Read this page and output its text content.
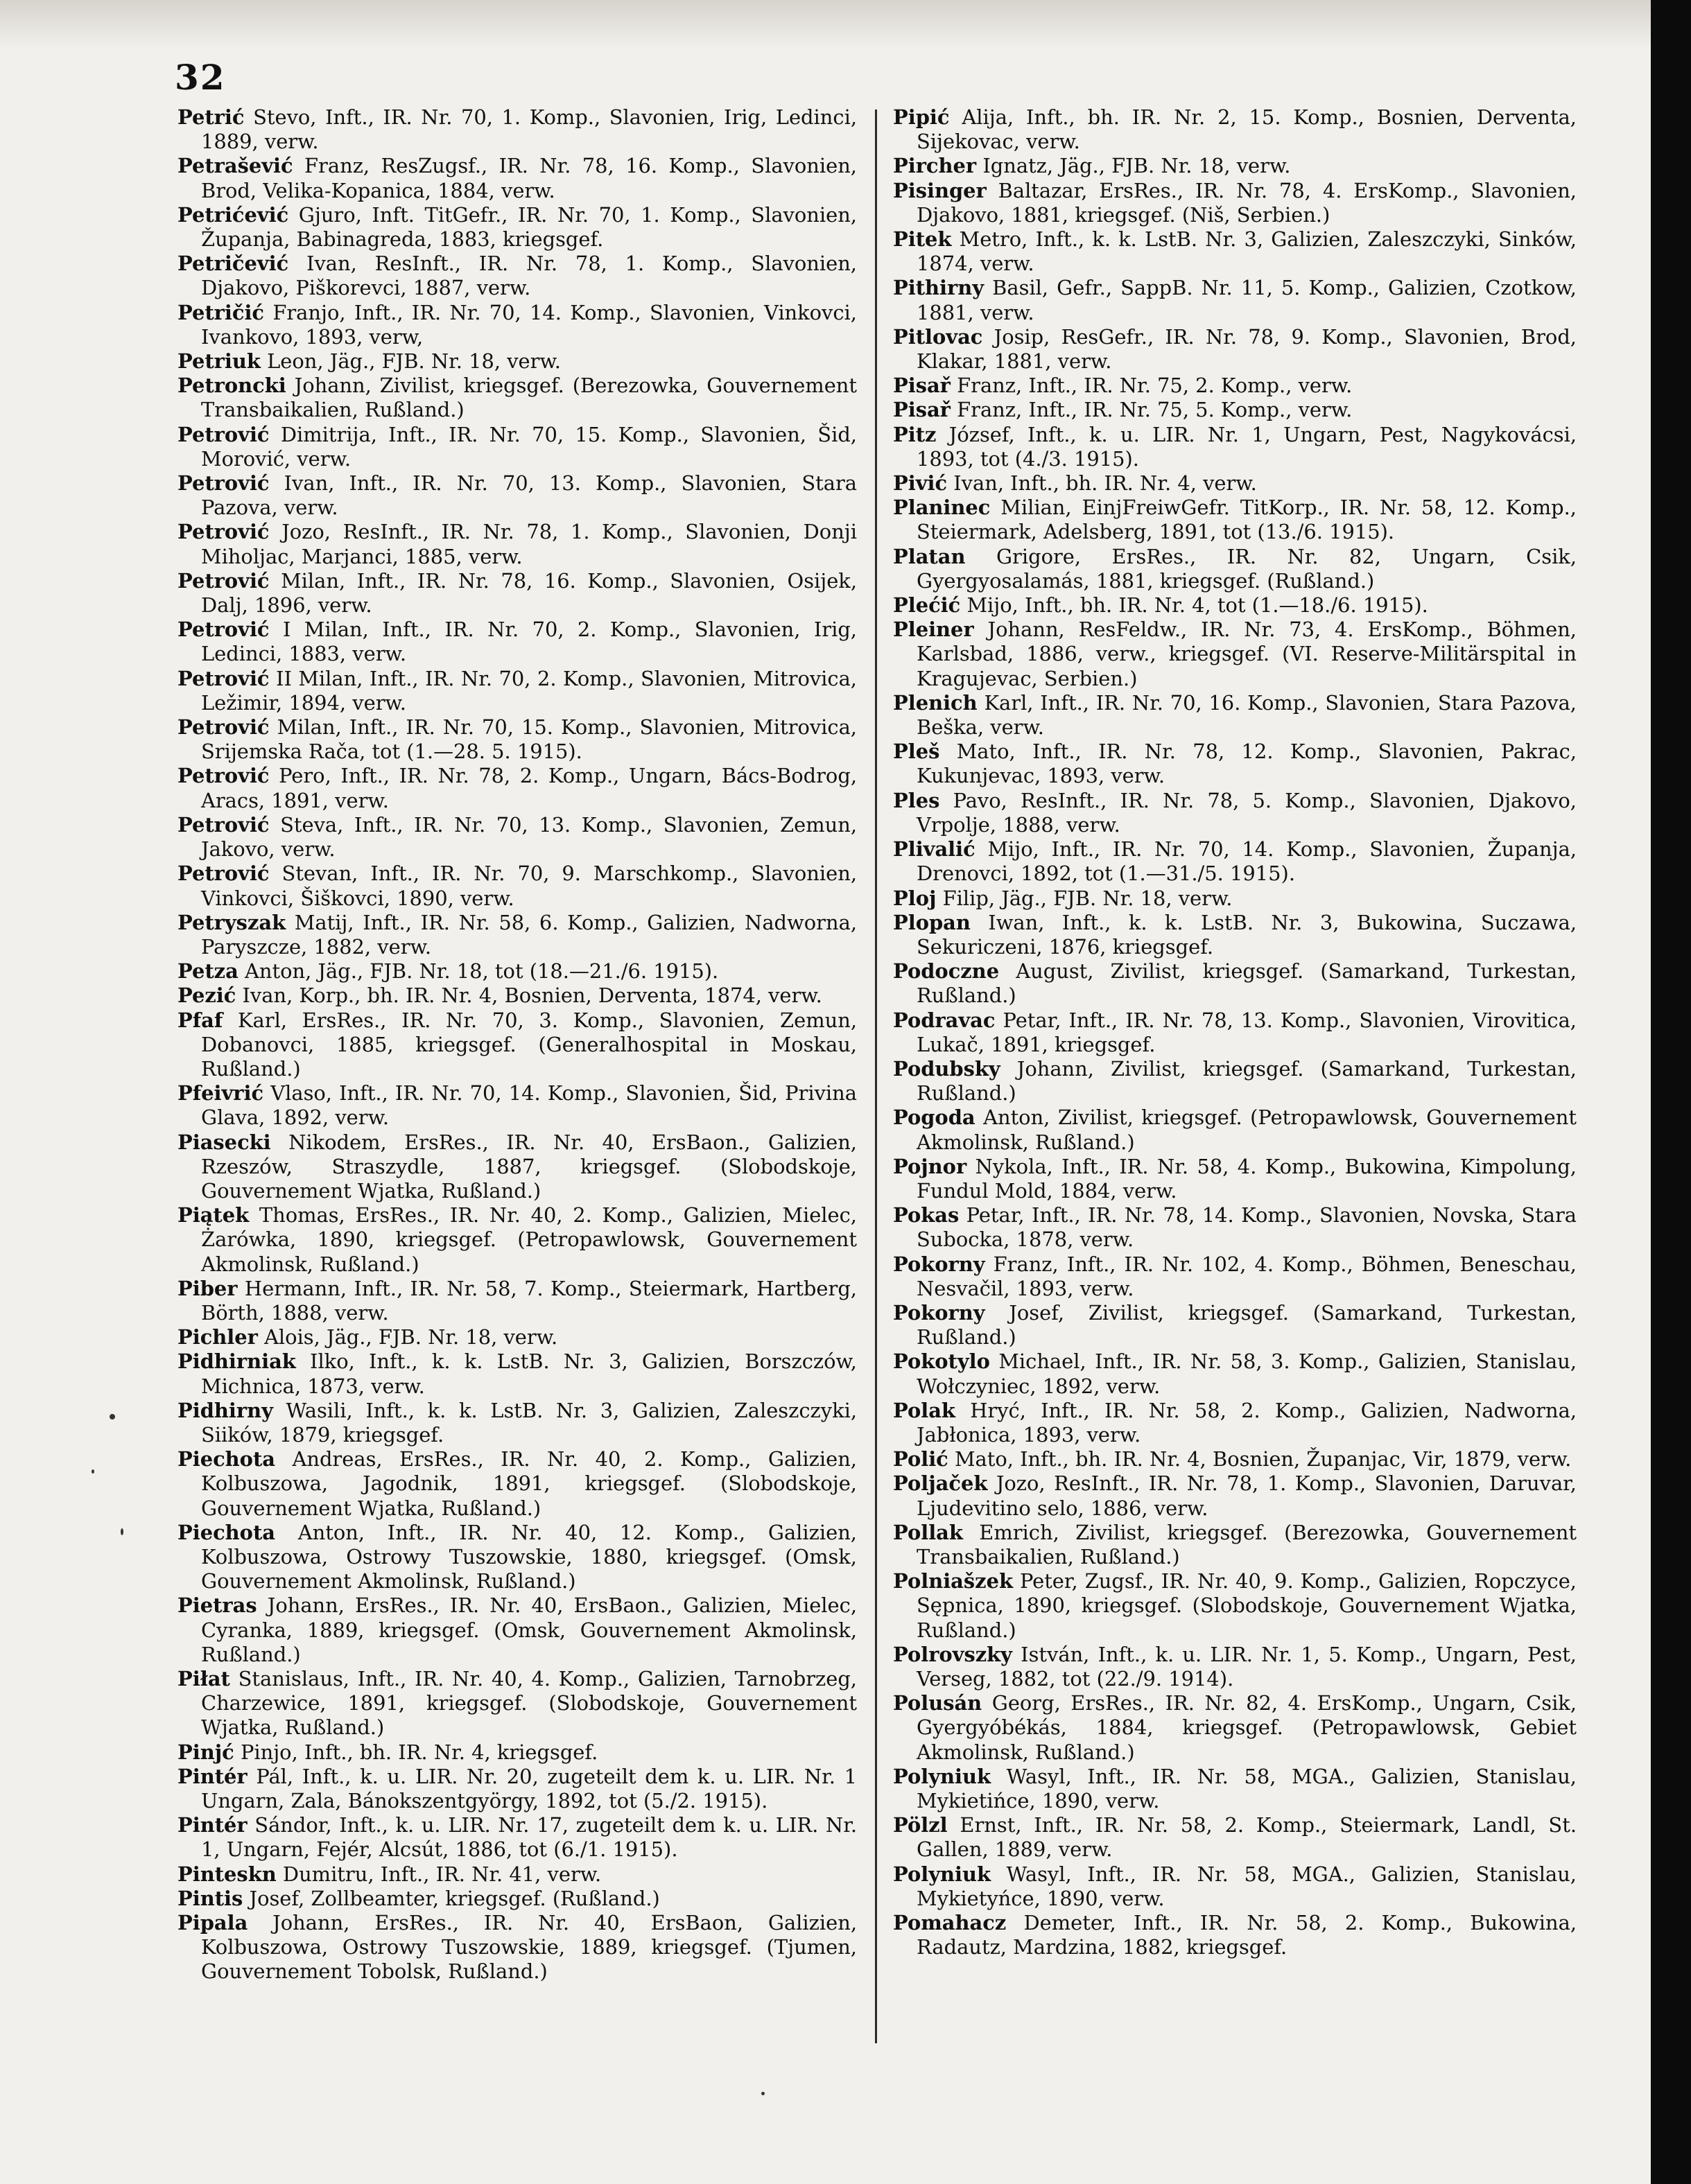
32

Petrić Stevo, Inft., IR. Nr. 70, 1. Komp., Slavonien, Irig, Ledinci, 1889, verw.

Petrašević Franz, ResZugsf., IR. Nr. 78, 16. Komp., Slavonien, Brod, Velika-Kopanica, 1884, verw.

Petrićević Gjuro, Inft. TitGefr., IR. Nr. 70, 1. Komp., Slavonien, Županja, Babinagreda, 1883, kriegsgef.

Petričević Ivan, ResInft., IR. Nr. 78, 1. Komp., Slavonien, Djakovo, Piškorevci, 1887, verw.

Petričić Franjo, Inft., IR. Nr. 70, 14. Komp., Slavonien, Vinkovci, Ivankovo, 1893, verw,

Petriuk Leon, Jäg., FJB. Nr. 18, verw.

Petroncki Johann, Zivilist, kriegsgef. (Berezowka, Gouvernement Transbaikalien, Rußland.)

Petrović Dimitrija, Inft., IR. Nr. 70, 15. Komp., Slavonien, Šid, Morović, verw.

Petrović Ivan, Inft., IR. Nr. 70, 13. Komp., Slavonien, Stara Pazova, verw.

Petrović Jozo, ResInft., IR. Nr. 78, 1. Komp., Slavonien, Donji Miholjac, Marjanci, 1885, verw.

Petrović Milan, Inft., IR. Nr. 78, 16. Komp., Slavonien, Osijek, Dalj, 1896, verw.

Petrović I Milan, Inft., IR. Nr. 70, 2. Komp., Slavonien, Irig, Ledinci, 1883, verw.

Petrović II Milan, Inft., IR. Nr. 70, 2. Komp., Slavonien, Mitrovica, Ležimir, 1894, verw.

Petrović Milan, Inft., IR. Nr. 70, 15. Komp., Slavonien, Mitrovica, Srijemska Rača, tot (1.—28. 5. 1915).

Petrović Pero, Inft., IR. Nr. 78, 2. Komp., Ungarn, Bács-Bodrog, Aracs, 1891, verw.

Petrović Steva, Inft., IR. Nr. 70, 13. Komp., Slavonien, Zemun, Jakovo, verw.

Petrović Stevan, Inft., IR. Nr. 70, 9. Marschkomp., Slavonien, Vinkovci, Šiškovci, 1890, verw.

Petryszak Matij, Inft., IR. Nr. 58, 6. Komp., Galizien, Nadworna, Paryszcze, 1882, verw.

Petza Anton, Jäg., FJB. Nr. 18, tot (18.—21./6. 1915).

Pezić Ivan, Korp., bh. IR. Nr. 4, Bosnien, Derventa, 1874, verw.

Pfaf Karl, ErsRes., IR. Nr. 70, 3. Komp., Slavonien, Zemun, Dobanovci, 1885, kriegsgef. (Generalhospital in Moskau, Rußland.)

Pfeivrić Vlaso, Inft., IR. Nr. 70, 14. Komp., Slavonien, Šid, Privina Glava, 1892, verw.

Piasecki Nikodem, ErsRes., IR. Nr. 40, ErsBaon., Galizien, Rzeszów, Straszydle, 1887, kriegsgef. (Slobodskoje, Gouvernement Wjatka, Rußland.)

Piątek Thomas, ErsRes., IR. Nr. 40, 2. Komp., Galizien, Mielec, Żarówka, 1890, kriegsgef. (Petropawlowsk, Gouvernement Akmolinsk, Rußland.)

Piber Hermann, Inft., IR. Nr. 58, 7. Komp., Steiermark, Hartberg, Börth, 1888, verw.

Pichler Alois, Jäg., FJB. Nr. 18, verw.

Pidhirniak Ilko, Inft., k. k. LstB. Nr. 3, Galizien, Borszczów, Michnica, 1873, verw.

Pidhirny Wasili, Inft., k. k. LstB. Nr. 3, Galizien, Zaleszczyki, Siików, 1879, kriegsgef.

Piechota Andreas, ErsRes., IR. Nr. 40, 2. Komp., Galizien, Kolbuszowa, Jagodnik, 1891, kriegsgef. (Slobodskoje, Gouvernement Wjatka, Rußland.)

Piechota Anton, Inft., IR. Nr. 40, 12. Komp., Galizien, Kolbuszowa, Ostrowy Tuszowskie, 1880, kriegsgef. (Omsk, Gouvernement Akmolinsk, Rußland.)

Pietras Johann, ErsRes., IR. Nr. 40, ErsBaon., Galizien, Mielec, Cyranka, 1889, kriegsgef. (Omsk, Gouvernement Akmolinsk, Rußland.)

Piłat Stanislaus, Inft., IR. Nr. 40, 4. Komp., Galizien, Tarnobrzeg, Charzewice, 1891, kriegsgef. (Slobodskoje, Gouvernement Wjatka, Rußland.)

Pinjć Pinjo, Inft., bh. IR. Nr. 4, kriegsgef.

Pintér Pál, Inft., k. u. LIR. Nr. 20, zugeteilt dem k. u. LIR. Nr. 1 Ungarn, Zala, Bánokszentgyörgy, 1892, tot (5./2. 1915).

Pintér Sándor, Inft., k. u. LIR. Nr. 17, zugeteilt dem k. u. LIR. Nr. 1, Ungarn, Fejér, Alcsút, 1886, tot (6./1. 1915).

Pinteskn Dumitru, Inft., IR. Nr. 41, verw.

Pintis Josef, Zollbeamter, kriegsgef. (Rußland.)

Pipala Johann, ErsRes., IR. Nr. 40, ErsBaon, Galizien, Kolbuszowa, Ostrowy Tuszowskie, 1889, kriegsgef. (Tjumen, Gouvernement Tobolsk, Rußland.)

Pipić Alija, Inft., bh. IR. Nr. 2, 15. Komp., Bosnien, Derventa, Sijekovac, verw.

Pircher Ignatz, Jäg., FJB. Nr. 18, verw.

Pisinger Baltazar, ErsRes., IR. Nr. 78, 4. ErsKomp., Slavonien, Djakovo, 1881, kriegsgef. (Niš, Serbien.)

Pitek Metro, Inft., k. k. LstB. Nr. 3, Galizien, Zaleszczyki, Sinków, 1874, verw.

Pithirny Basil, Gefr., SappB. Nr. 11, 5. Komp., Galizien, Czotkow, 1881, verw.

Pitlovac Josip, ResGefr., IR. Nr. 78, 9. Komp., Slavonien, Brod, Klakar, 1881, verw.

Pisař Franz, Inft., IR. Nr. 75, 2. Komp., verw.

Pisař Franz, Inft., IR. Nr. 75, 5. Komp., verw.

Pitz József, Inft., k. u. LIR. Nr. 1, Ungarn, Pest, Nagykovácsi, 1893, tot (4./3. 1915).

Pivić Ivan, Inft., bh. IR. Nr. 4, verw.

Planinec Milian, EinjFreiwGefr. TitKorp., IR. Nr. 58, 12. Komp., Steiermark, Adelsberg, 1891, tot (13./6. 1915).

Platan Grigore, ErsRes., IR. Nr. 82, Ungarn, Csik, Gyergyosalamás, 1881, kriegsgef. (Rußland.)

Plećić Mijo, Inft., bh. IR. Nr. 4, tot (1.—18./6. 1915).

Pleiner Johann, ResFeldw., IR. Nr. 73, 4. ErsKomp., Böhmen, Karlsbad, 1886, verw., kriegsgef. (VI. Reserve-Militärspital in Kragujevac, Serbien.)

Plenich Karl, Inft., IR. Nr. 70, 16. Komp., Slavonien, Stara Pazova, Beška, verw.

Pleš Mato, Inft., IR. Nr. 78, 12. Komp., Slavonien, Pakrac, Kukunjevac, 1893, verw.

Ples Pavo, ResInft., IR. Nr. 78, 5. Komp., Slavonien, Djakovo, Vrpolje, 1888, verw.

Plivalić Mijo, Inft., IR. Nr. 70, 14. Komp., Slavonien, Županja, Drenovci, 1892, tot (1.—31./5. 1915).

Ploj Filip, Jäg., FJB. Nr. 18, verw.

Plopan Iwan, Inft., k. k. LstB. Nr. 3, Bukowina, Suczawa, Sekuriczeni, 1876, kriegsgef.

Podoczne August, Zivilist, kriegsgef. (Samarkand, Turkestan, Rußland.)

Podravac Petar, Inft., IR. Nr. 78, 13. Komp., Slavonien, Virovitica, Lukač, 1891, kriegsgef.

Podubsky Johann, Zivilist, kriegsgef. (Samarkand, Turkestan, Rußland.)

Pogoda Anton, Zivilist, kriegsgef. (Petropawlowsk, Gouvernement Akmolinsk, Rußland.)

Pojnor Nykola, Inft., IR. Nr. 58, 4. Komp., Bukowina, Kimpolung, Fundul Mold, 1884, verw.

Pokas Petar, Inft., IR. Nr. 78, 14. Komp., Slavonien, Novska, Stara Subocka, 1878, verw.

Pokorny Franz, Inft., IR. Nr. 102, 4. Komp., Böhmen, Beneschau, Nesvačil, 1893, verw.

Pokorny Josef, Zivilist, kriegsgef. (Samarkand, Turkestan, Rußland.)

Pokotylo Michael, Inft., IR. Nr. 58, 3. Komp., Galizien, Stanislau, Wołczyniec, 1892, verw.

Polak Hryć, Inft., IR. Nr. 58, 2. Komp., Galizien, Nadworna, Jabłonica, 1893, verw.

Polić Mato, Inft., bh. IR. Nr. 4, Bosnien, Županjac, Vir, 1879, verw.

Poljaček Jozo, ResInft., IR. Nr. 78, 1. Komp., Slavonien, Daruvar, Ljudevitino selo, 1886, verw.

Pollak Emrich, Zivilist, kriegsgef. (Berezowka, Gouvernement Transbaikalien, Rußland.)

Polniašzek Peter, Zugsf., IR. Nr. 40, 9. Komp., Galizien, Ropczyce, Sępnica, 1890, kriegsgef. (Slobodskoje, Gouvernement Wjatka, Rußland.)

Polrovszky István, Inft., k. u. LIR. Nr. 1, 5. Komp., Ungarn, Pest, Verseg, 1882, tot (22./9. 1914).

Polusán Georg, ErsRes., IR. Nr. 82, 4. ErsKomp., Ungarn, Csik, Gyergyóbékás, 1884, kriegsgef. (Petropawlowsk, Gebiet Akmolinsk, Rußland.)

Polyniuk Wasyl, Inft., IR. Nr. 58, MGA., Galizien, Stanislau, Mykietińce, 1890, verw.

Pölzl Ernst, Inft., IR. Nr. 58, 2. Komp., Steiermark, Landl, St. Gallen, 1889, verw.

Polyniuk Wasyl, Inft., IR. Nr. 58, MGA., Galizien, Stanislau, Mykietyńce, 1890, verw.

Pomahacz Demeter, Inft., IR. Nr. 58, 2. Komp., Bukowina, Radautz, Mardzina, 1882, kriegsgef.
